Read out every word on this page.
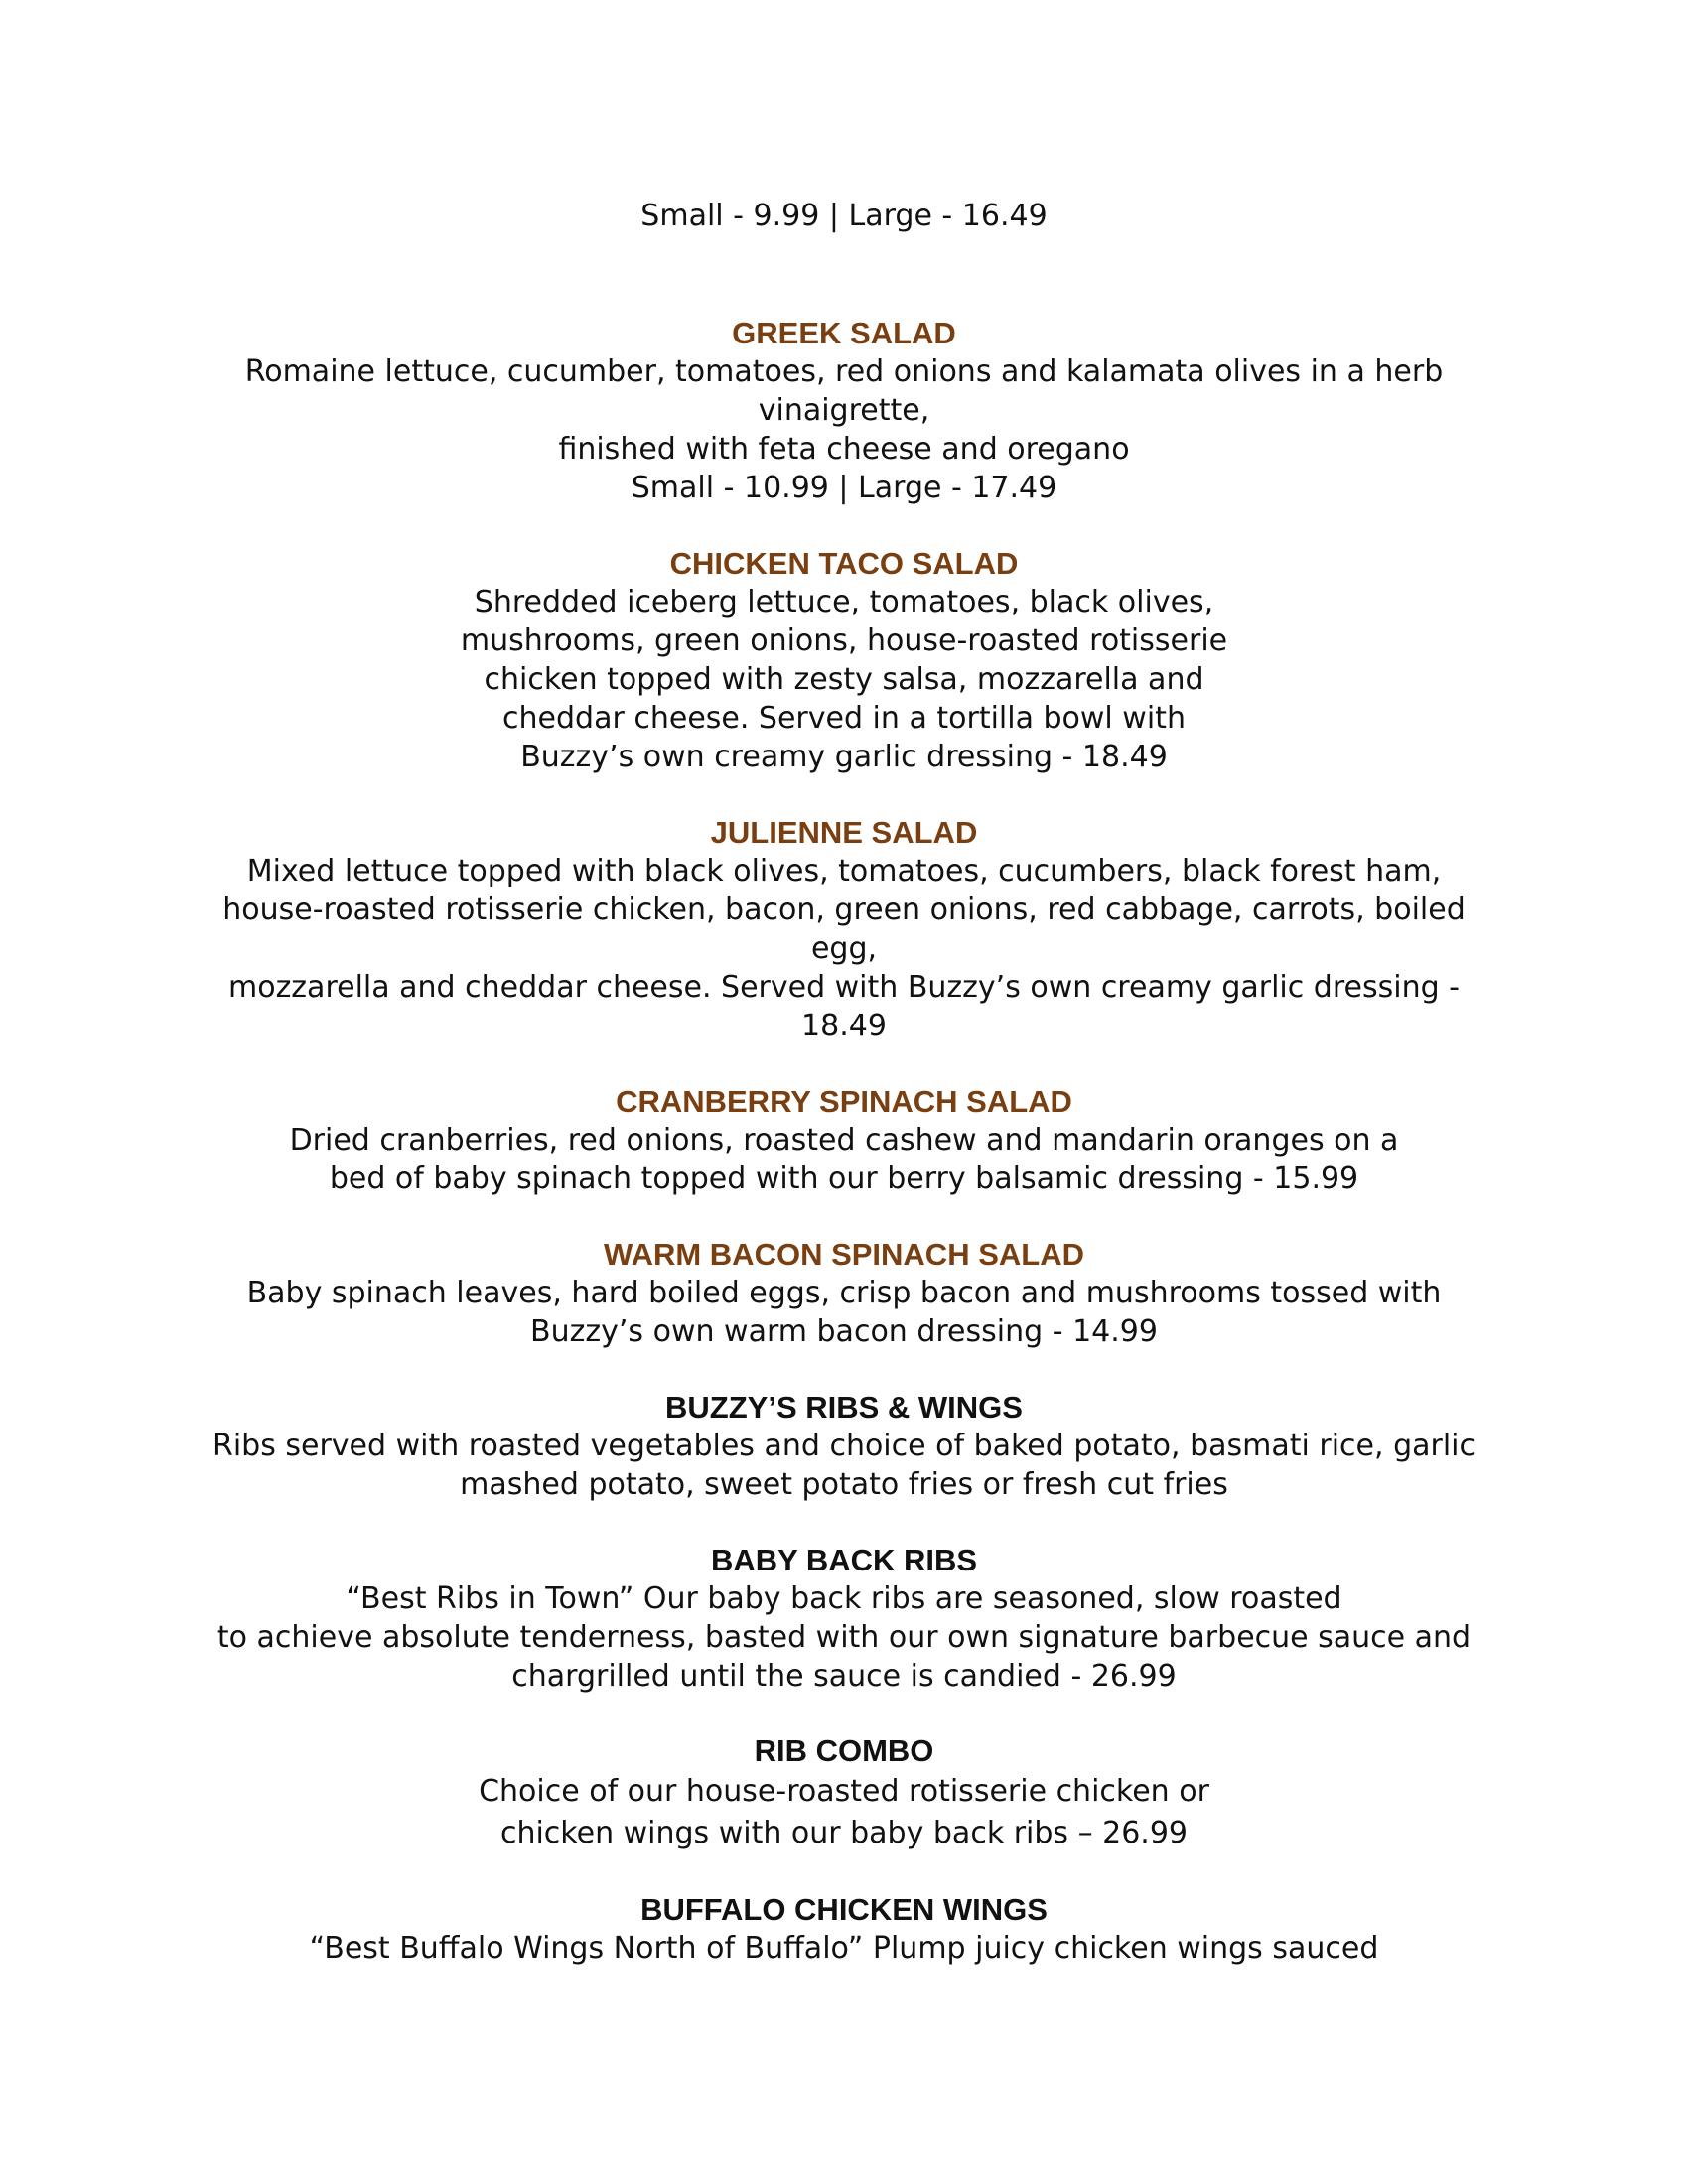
Small - 9.99 | Large - 16.49
GREEK SALAD
Romaine lettuce, cucumber, tomatoes, red onions and kalamata olives in a herb
vinaigrette,
finished with feta cheese and oregano
Small - 10.99 | Large - 17.49
CHICKEN TACO SALAD
Shredded iceberg lettuce, tomatoes, black olives,
mushrooms, green onions, house-roasted rotisserie
chicken topped with zesty salsa, mozzarella and
cheddar cheese. Served in a tortilla bowl with
Buzzy’s own creamy garlic dressing - 18.49
JULIENNE SALAD
Mixed lettuce topped with black olives, tomatoes, cucumbers, black forest ham,
house-roasted rotisserie chicken, bacon, green onions, red cabbage, carrots, boiled
egg,
mozzarella and cheddar cheese. Served with Buzzy’s own creamy garlic dressing -
18.49
CRANBERRY SPINACH SALAD
Dried cranberries, red onions, roasted cashew and mandarin oranges on a
bed of baby spinach topped with our berry balsamic dressing - 15.99
WARM BACON SPINACH SALAD
Baby spinach leaves, hard boiled eggs, crisp bacon and mushrooms tossed with
Buzzy’s own warm bacon dressing - 14.99
BUZZY’S RIBS & WINGS
Ribs served with roasted vegetables and choice of baked potato, basmati rice, garlic
mashed potato, sweet potato fries or fresh cut fries
BABY BACK RIBS
“Best Ribs in Town” Our baby back ribs are seasoned, slow roasted
to achieve absolute tenderness, basted with our own signature barbecue sauce and
chargrilled until the sauce is candied - 26.99
RIB COMBO
Choice of our house-roasted rotisserie chicken or
chicken wings with our baby back ribs – 26.99
BUFFALO CHICKEN WINGS
“Best Buffalo Wings North of Buffalo” Plump juicy chicken wings sauced
